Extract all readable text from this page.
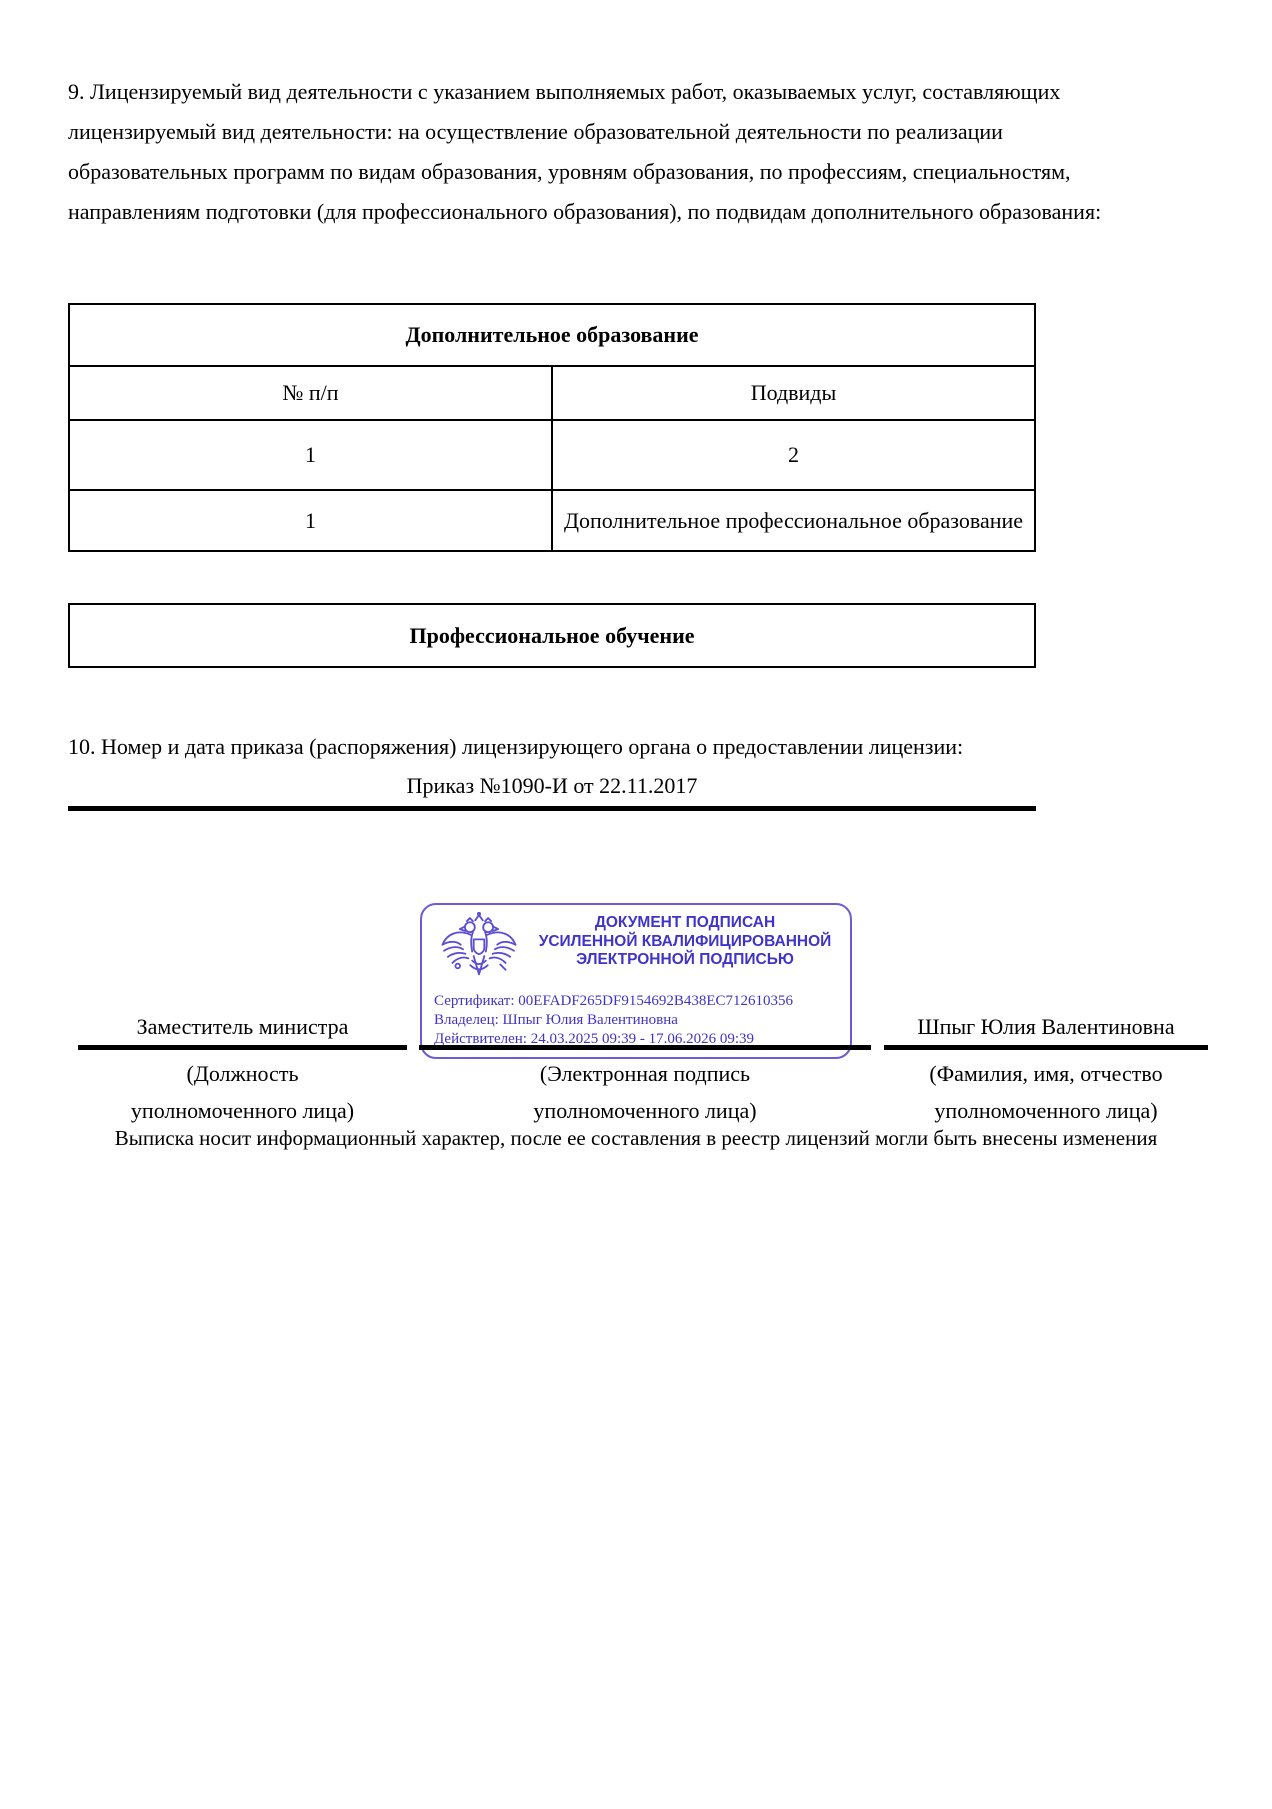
9. Лицензируемый вид деятельности с указанием выполняемых работ, оказываемых услуг, составляющих лицензируемый вид деятельности: на осуществление образовательной деятельности по реализации образовательных программ по видам образования, уровням образования, по профессиям, специальностям, направлениям подготовки (для профессионального образования), по подвидам дополнительного образования:

Дополнительное образование	
№ п/п	Подвиды
1	2
1	Дополнительное профессиональное образование
Профессиональное обучение

10. Номер и дата приказа (распоряжения) лицензирующего органа о предоставлении лицензии:

Приказ №1090-И от 22.11.2017

ДОКУМЕНТ ПОДПИСАН
УСИЛЕННОЙ КВАЛИФИЦИРОВАННОЙ
ЭЛЕКТРОННОЙ ПОДПИСЬЮ
Сертификат: 00EFADF265DF9154692B438EC712610356
Владелец: Шпыг Юлия Валентиновна
Действителен: 24.03.2025 09:39 - 17.06.2026 09:39
Заместитель министра
(Должность
уполномоченного лица)
(Электронная подпись
уполномоченного лица)
Шпыг Юлия Валентиновна
(Фамилия, имя, отчество
уполномоченного лица)

Выписка носит информационный характер, после ее составления в реестр лицензий могли быть внесены изменения
